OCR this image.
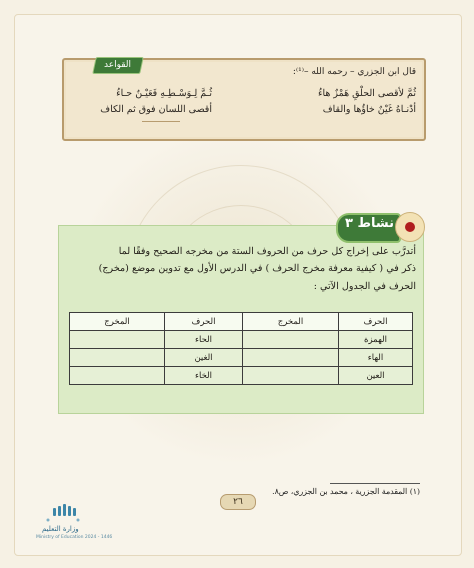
القواعد
قال ابن الجزري – رحمه الله –⁽¹⁾:
ثُمَّ لأقصى الحلْقِ هَمْزٌ هاءُ
ثُـمَّ لِـوَسْـطِـهِ فَعَيْـنٌ حـاءُ
أدْنـاهُ غَيْنٌ خاؤُها والقاف
أقصى اللسان فوق ثم الكاف
نشاط ٣
أتدرَّب على إخراج كل حرف من الحروف الستة من مخرجه الصحيح وفقًا لما
ذكر في ( كيفية معرفة مخرج الحرف ) في الدرس الأول مع تدوين موضع (مخرج)
الحرف في الجدول الآتي :
الحرف	المخرج	الحرف	المخرج
الهمزة		الحاء	
الهاء		الغين	
العين		الخاء	
(١) المقدمة الجزرية ، محمد بن الجزري، ص٨.
٢٦
وزارة التعليم
Ministry of Education 2024 - 1446
